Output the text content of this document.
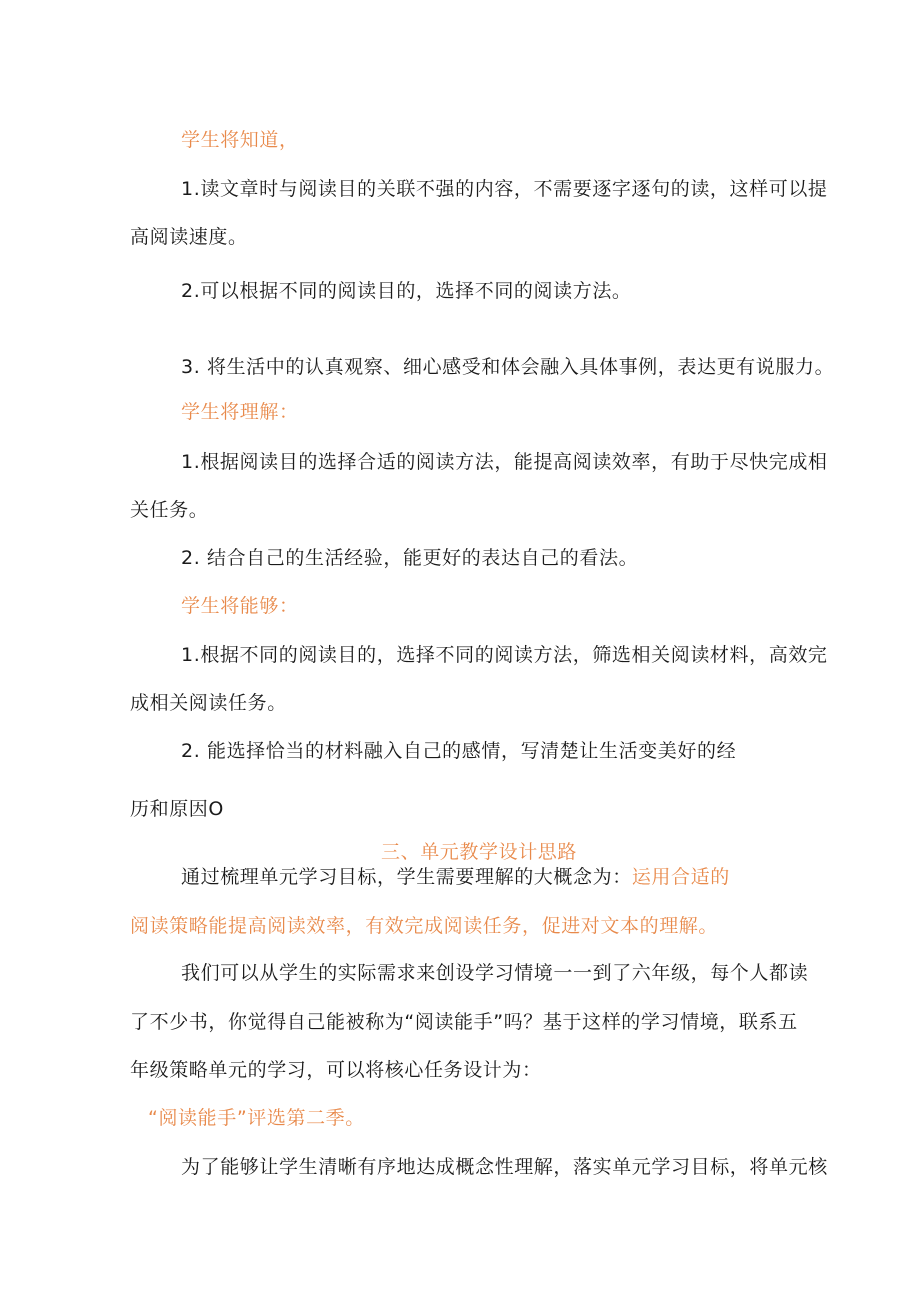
学生将知道，
1.读文章时与阅读目的关联不强的内容，不需要逐字逐句的读，这样可以提
高阅读速度。
2.可以根据不同的阅读目的，选择不同的阅读方法。
3. 将生活中的认真观察、细心感受和体会融入具体事例，表达更有说服力。
学生将理解：
1.根据阅读目的选择合适的阅读方法，能提高阅读效率，有助于尽快完成相
关任务。
2. 结合自己的生活经验，能更好的表达自己的看法。
学生将能够：
1.根据不同的阅读目的，选择不同的阅读方法，筛选相关阅读材料，高效完
成相关阅读任务。
2. 能选择恰当的材料融入自己的感情，写清楚让生活变美好的经
历和原因O
三、单元教学设计思路
通过梳理单元学习目标，学生需要理解的大概念为：运用合适的
阅读策略能提高阅读效率，有效完成阅读任务，促进对文本的理解。
我们可以从学生的实际需求来创设学习情境一一到了六年级，每个人都读
了不少书，你觉得自己能被称为“阅读能手”吗？基于这样的学习情境，联系五
年级策略单元的学习，可以将核心任务设计为：
“阅读能手”评选第二季。
为了能够让学生清晰有序地达成概念性理解，落实单元学习目标，将单元核
